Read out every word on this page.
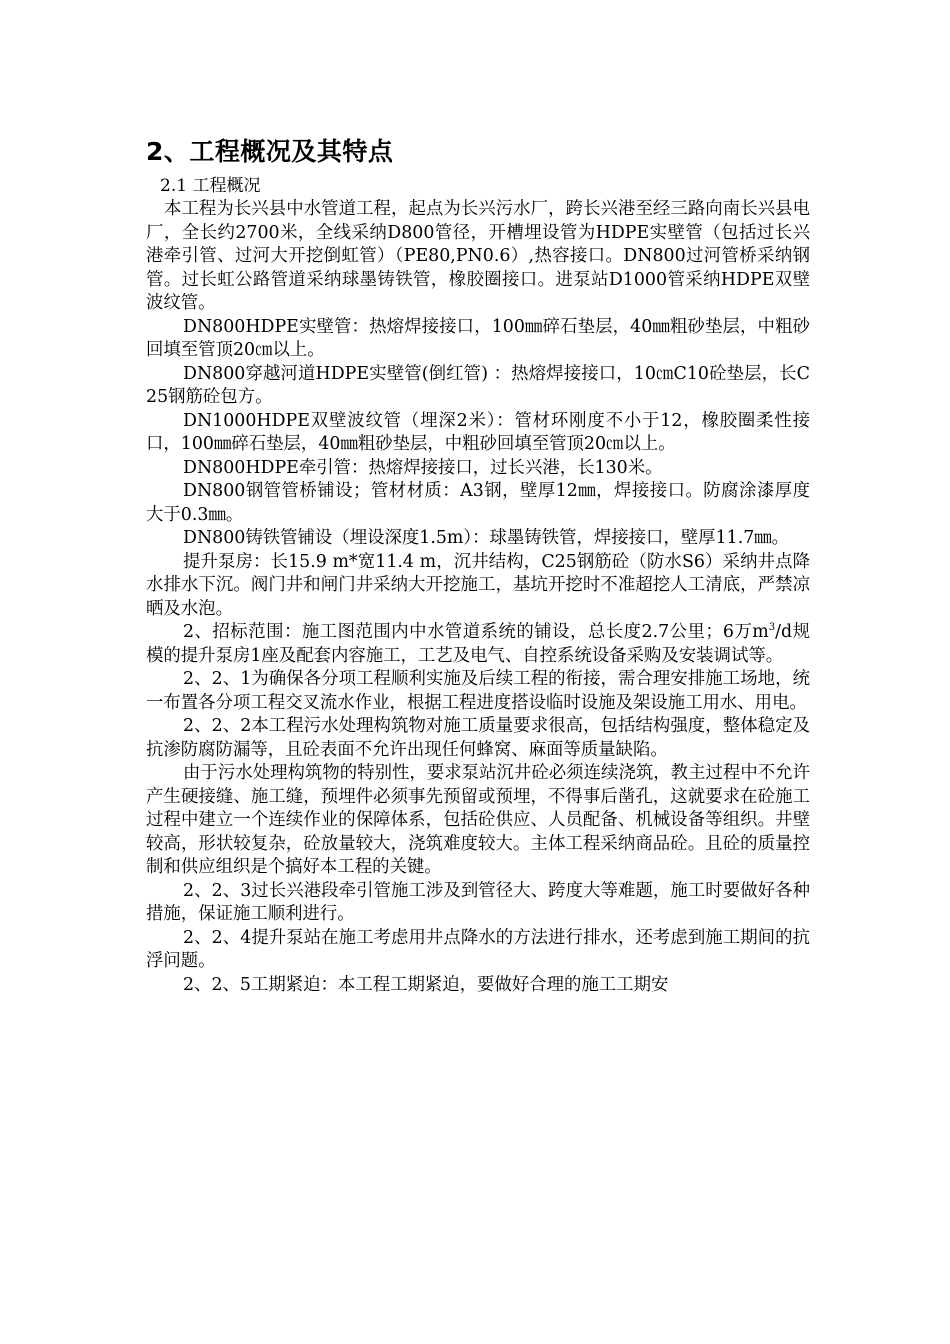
2、工程概况及其特点

2.1 工程概况

本工程为长兴县中水管道工程，起点为长兴污水厂，跨长兴港至经三路向南长兴县电厂，全长约2700米，全线采纳D800管径，开槽埋设管为HDPE实壁管（包括过长兴港牵引管、过河大开挖倒虹管）（PE80,PN0.6）,热容接口。DN800过河管桥采纳钢管。过长虹公路管道采纳球墨铸铁管，橡胶圈接口。进泵站D1000管采纳HDPE双壁波纹管。

DN800HDPE实壁管：热熔焊接接口，100㎜碎石垫层，40㎜粗砂垫层，中粗砂回填至管顶20㎝以上。

DN800穿越河道HDPE实壁管(倒红管) ：热熔焊接接口，10㎝C10砼垫层，长C25钢筋砼包方。

DN1000HDPE双壁波纹管（埋深2米）：管材环刚度不小于12，橡胶圈柔性接口，100㎜碎石垫层，40㎜粗砂垫层，中粗砂回填至管顶20㎝以上。

DN800HDPE牵引管：热熔焊接接口，过长兴港，长130米。

DN800钢管管桥铺设；管材材质：A3钢，壁厚12㎜，焊接接口。防腐涂漆厚度大于0.3㎜。

DN800铸铁管铺设（埋设深度1.5m）：球墨铸铁管，焊接接口，壁厚11.7㎜。

提升泵房：长15.9 m*宽11.4 m，沉井结构，C25钢筋砼（防水S6）采纳井点降水排水下沉。阀门井和闸门井采纳大开挖施工，基坑开挖时不准超挖人工清底，严禁凉晒及水泡。

2、招标范围：施工图范围内中水管道系统的铺设，总长度2.7公里；6万$m^3/d$规模的提升泵房1座及配套内容施工，工艺及电气、自控系统设备采购及安装调试等。

2、2、1为确保各分项工程顺利实施及后续工程的衔接，需合理安排施工场地，统一布置各分项工程交叉流水作业，根据工程进度搭设临时设施及架设施工用水、用电。

2、2、2本工程污水处理构筑物对施工质量要求很高，包括结构强度，整体稳定及抗渗防腐防漏等，且砼表面不允许出现任何蜂窝、麻面等质量缺陷。

由于污水处理构筑物的特别性，要求泵站沉井砼必须连续浇筑，教主过程中不允许产生硬接缝、施工缝，预埋件必须事先预留或预埋，不得事后凿孔，这就要求在砼施工过程中建立一个连续作业的保障体系，包括砼供应、人员配备、机械设备等组织。井壁较高，形状较复杂，砼放量较大，浇筑难度较大。主体工程采纳商品砼。且砼的质量控制和供应组织是个搞好本工程的关键。

2、2、3过长兴港段牵引管施工涉及到管径大、跨度大等难题，施工时要做好各种措施，保证施工顺利进行。

2、2、4提升泵站在施工考虑用井点降水的方法进行排水，还考虑到施工期间的抗浮问题。

2、2、5工期紧迫：本工程工期紧迫，要做好合理的施工工期安
